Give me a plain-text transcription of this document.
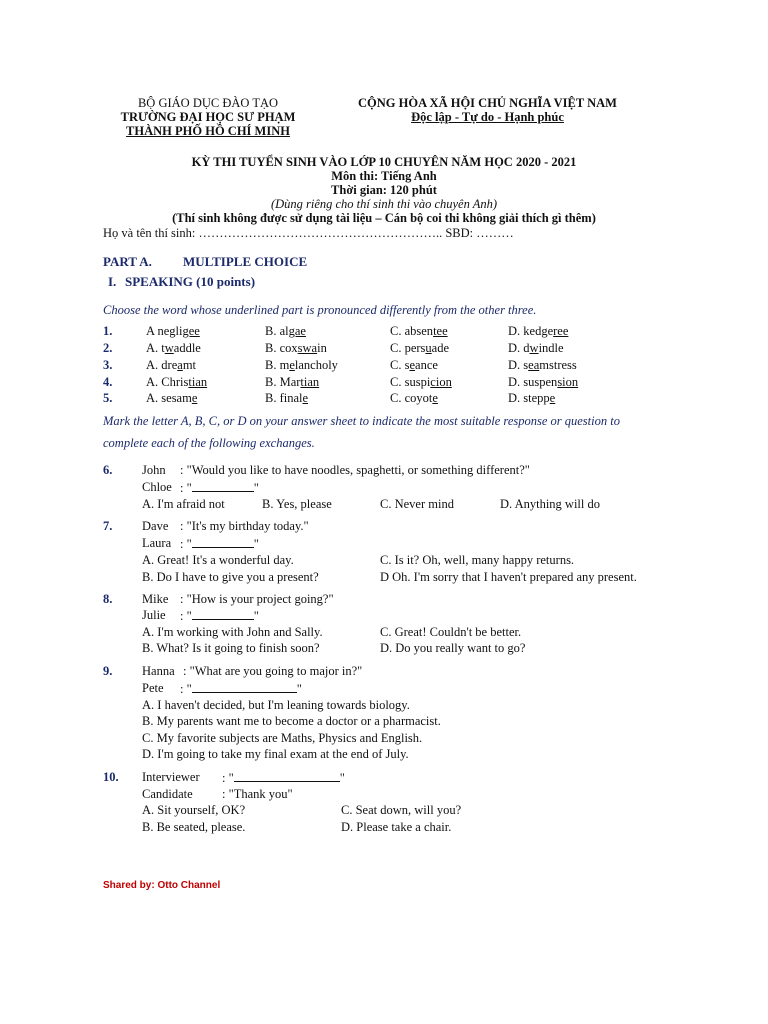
BỘ GIÁO DỤC ĐÀO TẠO
TRƯỜNG ĐẠI HỌC SƯ PHẠM
THÀNH PHỐ HỒ CHÍ MINH
CỘNG HÒA XÃ HỘI CHỦ NGHĨA VIỆT NAM
Độc lập - Tự do - Hạnh phúc
KỲ THI TUYỂN SINH VÀO LỚP 10 CHUYÊN NĂM HỌC 2020 - 2021
Môn thi: Tiếng Anh
Thời gian: 120 phút
(Dùng riêng cho thí sinh thi vào chuyên Anh)
(Thí sinh không được sử dụng tài liệu – Cán bộ coi thi không giải thích gì thêm)
Họ và tên thí sinh: ………………………………………………….. SBD: ………
PART A. MULTIPLE CHOICE
I. SPEAKING (10 points)
Choose the word whose underlined part is pronounced differently from the other three.
1.	A negligee	B. algae	C. absentee	D. kedgeree
2.	A. twaddle	B. coxswain	C. persuade	D. dwindle
3.	A. dreamt	B. melancholy	C. seance	D. seamstress
4.	A. Christian	B. Martian	C. suspicion	D. suspension
5.	A. sesame	B. finale	C. coyote	D. steppe
Mark the letter A, B, C, or D on your answer sheet to indicate the most suitable response or question to
complete each of the following exchanges.
6. John : "Would you like to have noodles, spaghetti, or something different?"
Chloe : "	"
A. I'm afraid not	B. Yes, please	C. Never mind	D. Anything will do
7. Dave : "It's my birthday today."
Laura : "	"
A. Great! It's a wonderful day.	C. Is it? Oh, well, many happy returns.
B. Do I have to give you a present?	D Oh. I'm sorry that I haven't prepared any present.
8. Mike : "How is your project going?"
Julie : "	"
A. I'm working with John and Sally.	C. Great! Couldn't be better.
B. What? Is it going to finish soon?	D. Do you really want to go?
9. Hanna : "What are you going to major in?"
Pete : "	"
A. I haven't decided, but I'm leaning towards biology.
B. My parents want me to become a doctor or a pharmacist.
C. My favorite subjects are Maths, Physics and English.
D. I'm going to take my final exam at the end of July.
10. Interviewer : "	"
Candidate : "Thank you"
A. Sit yourself, OK?	C. Seat down, will you?
B. Be seated, please.	D. Please take a chair.
Shared by: Otto Channel
